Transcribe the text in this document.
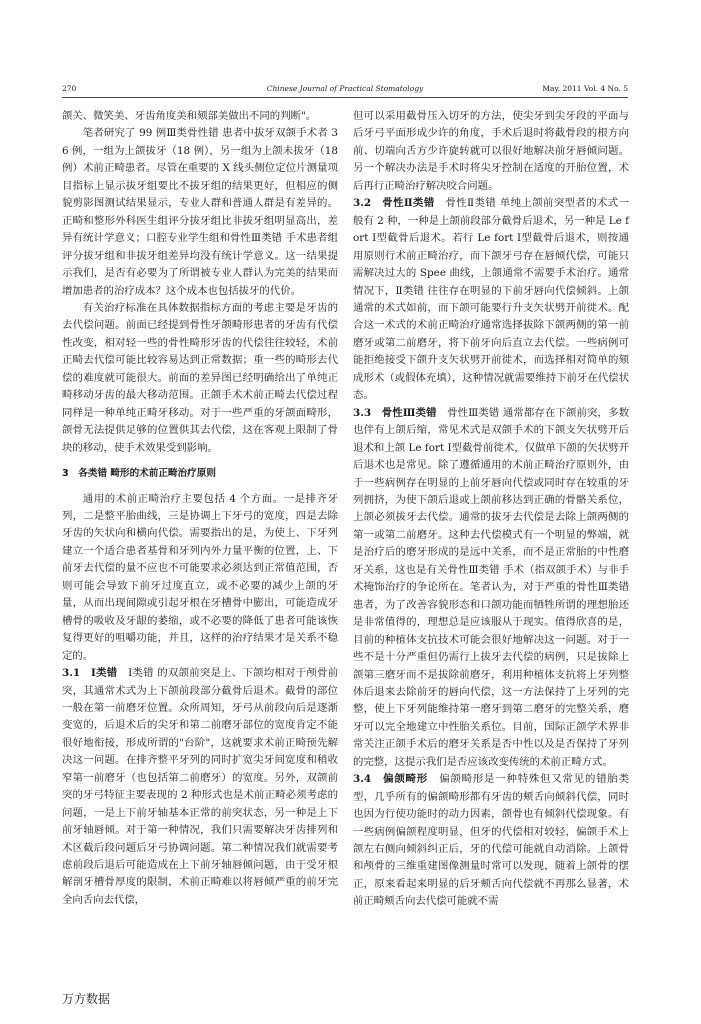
270	Chinese Journal of Practical Stomatology	May. 2011 Vol. 4 No. 5

颌关、微笑美、牙齿角度美和颏部美做出不同的判断"。

笔者研究了 99 例Ⅲ类骨性错 患者中拔牙双颌手术者 36 例，一组为上颌拔牙（18 例），另一组为上颌未拔牙（18 例）术前正畸患者。尽管在重要的 X 线头侧位定位片测量项目指标上显示拔牙组要比不拔牙组的结果更好，但相应的侧貌剪影图测试结果显示，专业人群和普通人群是有差异的。正畸和整形外科医生组评分拔牙组比非拔牙组明显高出，差异有统计学意义；口腔专业学生组和骨性Ⅲ类错 手术患者组评分拔牙组和非拔牙组差异均没有统计学意义。这一结果提示我们，是否有必要为了所谓被专业人群认为完美的结果而增加患者的治疗成本？这个成本也包括拔牙的代价。

有关治疗标准在具体数据指标方面的考虑主要是牙齿的去代偿问题。前面已经提到骨性牙颌畸形患者的牙齿有代偿性改变，相对轻一些的骨性畸形牙齿的代偿往往较轻，术前正畸去代偿可能比较容易达到正常数据；重一些的畸形去代偿的难度就可能很大。前面的差异图已经明确给出了单纯正畸移动牙齿的最大移动范围。正颌手术术前正畸去代偿过程同样是一种单纯正畸牙移动。对于一些严重的牙颌面畸形，颌骨无法提供足够的位置供其去代偿，这在客观上限制了骨块的移动，使手术效果受到影响。

3　各类错 畸形的术前正畸治疗原则

通用的术前正畸治疗主要包括 4 个方面。一是排齐牙列，二是整平胎曲线，三是协调上下牙弓的宽度，四是去除牙齿的矢状向和横向代偿。需要指出的是，为使上、下牙列建立一个适合患者基骨和牙列内外力量平衡的位置，上、下前牙去代偿的量不应也不可能要求必须达到正常值范围，否则可能会导致下前牙过度直立，或不必要的减少上颌的牙量，从而出现间隙或引起牙根在牙槽骨中膨出，可能造成牙槽骨的吸收及牙龈的萎缩，或不必要的降低了患者可能该恢复得更好的咀嚼功能，并且，这样的治疗结果才是关系不稳定的。

3.1　Ⅰ类错　 Ⅰ类错 的双颌前突是上、下颌均相对于颅骨前突，其通常术式为上下颌前段部分截骨后退术。截骨的部位一般在第一前磨牙位置。众所周知，牙弓从前段向后是逐渐变宽的，后退术后的尖牙和第二前磨牙部位的宽度肯定不能很好地衔接，形成所谓的"台阶"，这就要求术前正畸预先解决这一问题。在排齐整平牙列的同时扩宽尖牙间宽度和稍收窄第一前磨牙（也包括第二前磨牙）的宽度。另外，双颌前突的牙弓特征主要表现的 2 种形式也是术前正畸必须考虑的问题，一是上下前牙轴基本正常的前突状态，另一种是上下前牙轴唇倾。对于第一种情况，我们只需要解决牙齿排列和术区截后段问题后牙弓协调问题。第二种情况我们就需要考虑前段后退后可能造成在上下前牙轴唇倾问题，由于受牙根解剖牙槽骨厚度的限制，术前正畸难以将唇倾严重的前牙完全向舌向去代偿，

但可以采用截骨压入切牙的方法，使尖牙到尖牙段的平面与后牙弓平面形成少许的角度，手术后退时将截骨段的根方向前、切端向舌方少许旋转就可以很好地解决前牙唇倾问题。另一个解决办法是手术时将尖牙控制在适度的开胎位置，术后再行正畸治疗解决咬合问题。

3.2　骨性Ⅱ类错　 骨性Ⅱ类错 单纯上颌前突型者的术式一般有 2 种，一种是上颌前段部分截骨后退术，另一种是 Le fort Ⅰ型截骨后退术。若行 Le fort Ⅰ型截骨后退术，则按通用原则行术前正畸治疗，而下颌牙弓存在唇倾代偿，可能只需解决过大的 Spee 曲线，上颌通常不需要手术治疗。通常情况下，Ⅱ类错 往往存在明显的下前牙唇向代偿倾斜。上颌通常的术式如前，而下颌可能要行升支矢状劈开前徙术。配合这一术式的术前正畸治疗通常选择拔除下颌两侧的第一前磨牙或第二前磨牙，将下前牙向后直立去代偿。一些病例可能拒绝接受下颌升支矢状劈开前徙术，而选择相对简单的颏成形术（或假体充填），这种情况就需要维持下前牙在代偿状态。

3.3　骨性Ⅲ类错　 骨性Ⅲ类错 通常都存在下颌前突，多数也伴有上颌后缩，常见术式是双颌手术的下颌支矢状劈开后退术和上颌 Le fort Ⅰ型截骨前徙术，仅做单下颌的矢状劈开后退术也是常见。除了遵循通用的术前正畸治疗原则外，由于一些病例存在明显的上前牙唇向代偿或同时存在较重的牙列拥挤，为使下颌后退或上颌前移达到正确的骨骼关系位，上颌必须拔牙去代偿。通常的拔牙去代偿是去除上颌两侧的第一或第二前磨牙。这种去代偿模式有一个明显的弊端，就是治疗后的磨牙形成的是远中关系，而不是正常胎的中性磨牙关系，这也是有关骨性Ⅲ类错 手术（指双颌手术）与非手术掩饰治疗的争论所在。笔者认为，对于严重的骨性Ⅲ类错 患者，为了改善容貌形态和口颌功能而牺牲所谓的理想胎还是非常值得的，理想总是应该服从于现实。值得欣喜的是，目前的种植体支抗技术可能会很好地解决这一问题。对于一些不是十分严重但仍需行上拔牙去代偿的病例，只是拔除上颌第三磨牙而不是拔除前磨牙，利用种植体支抗将上牙列整体后退来去除前牙的唇向代偿，这一方法保持了上牙列的完整，使上下牙列能维持第一磨牙到第二磨牙的完整关系，磨牙可以完全地建立中性胎关系位。目前，国际正颌学术界非常关注正颌手术后的磨牙关系是否中性以及是否保持了牙列的完整，这提示我们是否应该改变传统的术前正畸方式。

3.4　偏颌畸形　 偏颌畸形是一种特殊但又常见的错胎类型，几乎所有的偏颌畸形都有牙齿的颊舌向倾斜代偿，同时也因为行使功能时的动力因素，颌骨也有倾斜代偿现象。有一些病例偏颌程度明显，但牙的代偿相对较轻，偏颌手术上颌左右侧向倾斜纠正后，牙的代偿可能就自动消除。上颌骨和颅骨的三维重建图像测量时常可以发现，随着上颌骨的摆正，原来看起来明显的后牙颊舌向代偿就不再那么显著，术前正畸颊舌向去代偿可能就不需

万方数据
